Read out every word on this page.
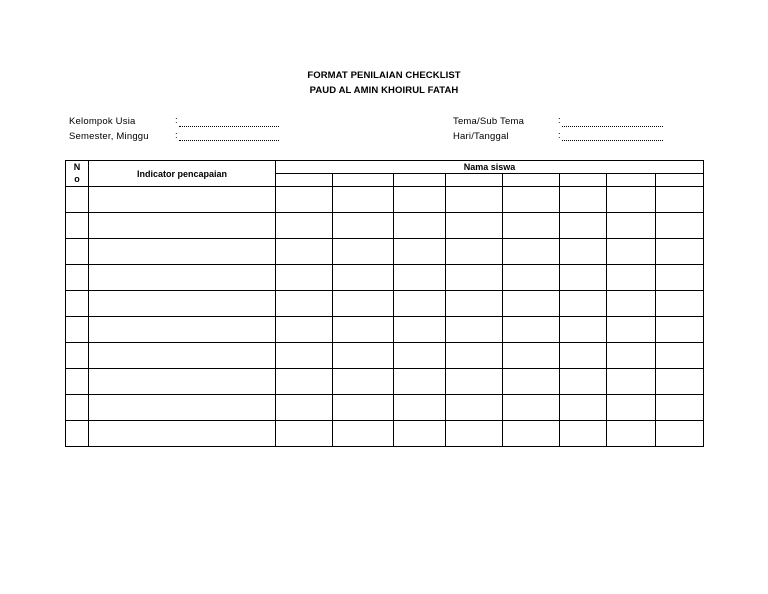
FORMAT PENILAIAN CHECKLIST
PAUD AL AMIN KHOIRUL FATAH
Kelompok Usia	:
Semester, Minggu	:
Tema/Sub Tema	:
Hari/Tanggal	:
N
o	Indicator pencapaian	Nama siswa							
